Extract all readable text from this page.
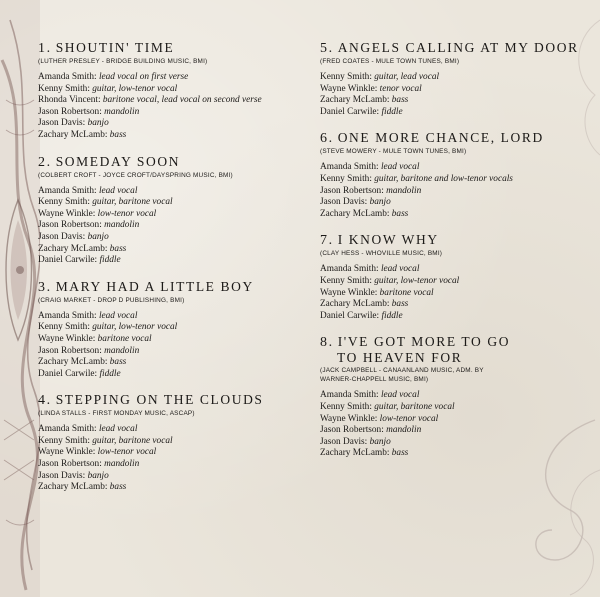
1. SHOUTIN' TIME
(LUTHER PRESLEY - BRIDGE BUILDING MUSIC, BMI)
Amanda Smith: lead vocal on first verse
Kenny Smith: guitar, low-tenor vocal
Rhonda Vincent: baritone vocal, lead vocal on second verse
Jason Robertson: mandolin
Jason Davis: banjo
Zachary McLamb: bass
2. SOMEDAY SOON
(COLBERT CROFT - JOYCE CROFT/DAYSPRING MUSIC, BMI)
Amanda Smith: lead vocal
Kenny Smith: guitar, baritone vocal
Wayne Winkle: low-tenor vocal
Jason Robertson: mandolin
Jason Davis: banjo
Zachary McLamb: bass
Daniel Carwile: fiddle
3. MARY HAD A LITTLE BOY
(CRAIG MARKET - DROP D PUBLISHING, BMI)
Amanda Smith: lead vocal
Kenny Smith: guitar, low-tenor vocal
Wayne Winkle: baritone vocal
Jason Robertson: mandolin
Zachary McLamb: bass
Daniel Carwile: fiddle
4. STEPPING ON THE CLOUDS
(LINDA STALLS - FIRST MONDAY MUSIC, ASCAP)
Amanda Smith: lead vocal
Kenny Smith: guitar, baritone vocal
Wayne Winkle: low-tenor vocal
Jason Robertson: mandolin
Jason Davis: banjo
Zachary McLamb: bass
5. ANGELS CALLING AT MY DOOR
(FRED COATES - MULE TOWN TUNES, BMI)
Kenny Smith: guitar, lead vocal
Wayne Winkle: tenor vocal
Zachary McLamb: bass
Daniel Carwile: fiddle
6. ONE MORE CHANCE, LORD
(STEVE MOWERY - MULE TOWN TUNES, BMI)
Amanda Smith: lead vocal
Kenny Smith: guitar, baritone and low-tenor vocals
Jason Robertson: mandolin
Jason Davis: banjo
Zachary McLamb: bass
7. I KNOW WHY
(CLAY HESS - WHOVILLE MUSIC, BMI)
Amanda Smith: lead vocal
Kenny Smith: guitar, low-tenor vocal
Wayne Winkle: baritone vocal
Zachary McLamb: bass
Daniel Carwile: fiddle
8. I'VE GOT MORE TO GO
TO HEAVEN FOR
(JACK CAMPBELL - CANAANLAND MUSIC, ADM. BY
WARNER-CHAPPELL MUSIC, BMI)
Amanda Smith: lead vocal
Kenny Smith: guitar, baritone vocal
Wayne Winkle: low-tenor vocal
Jason Robertson: mandolin
Jason Davis: banjo
Zachary McLamb: bass
